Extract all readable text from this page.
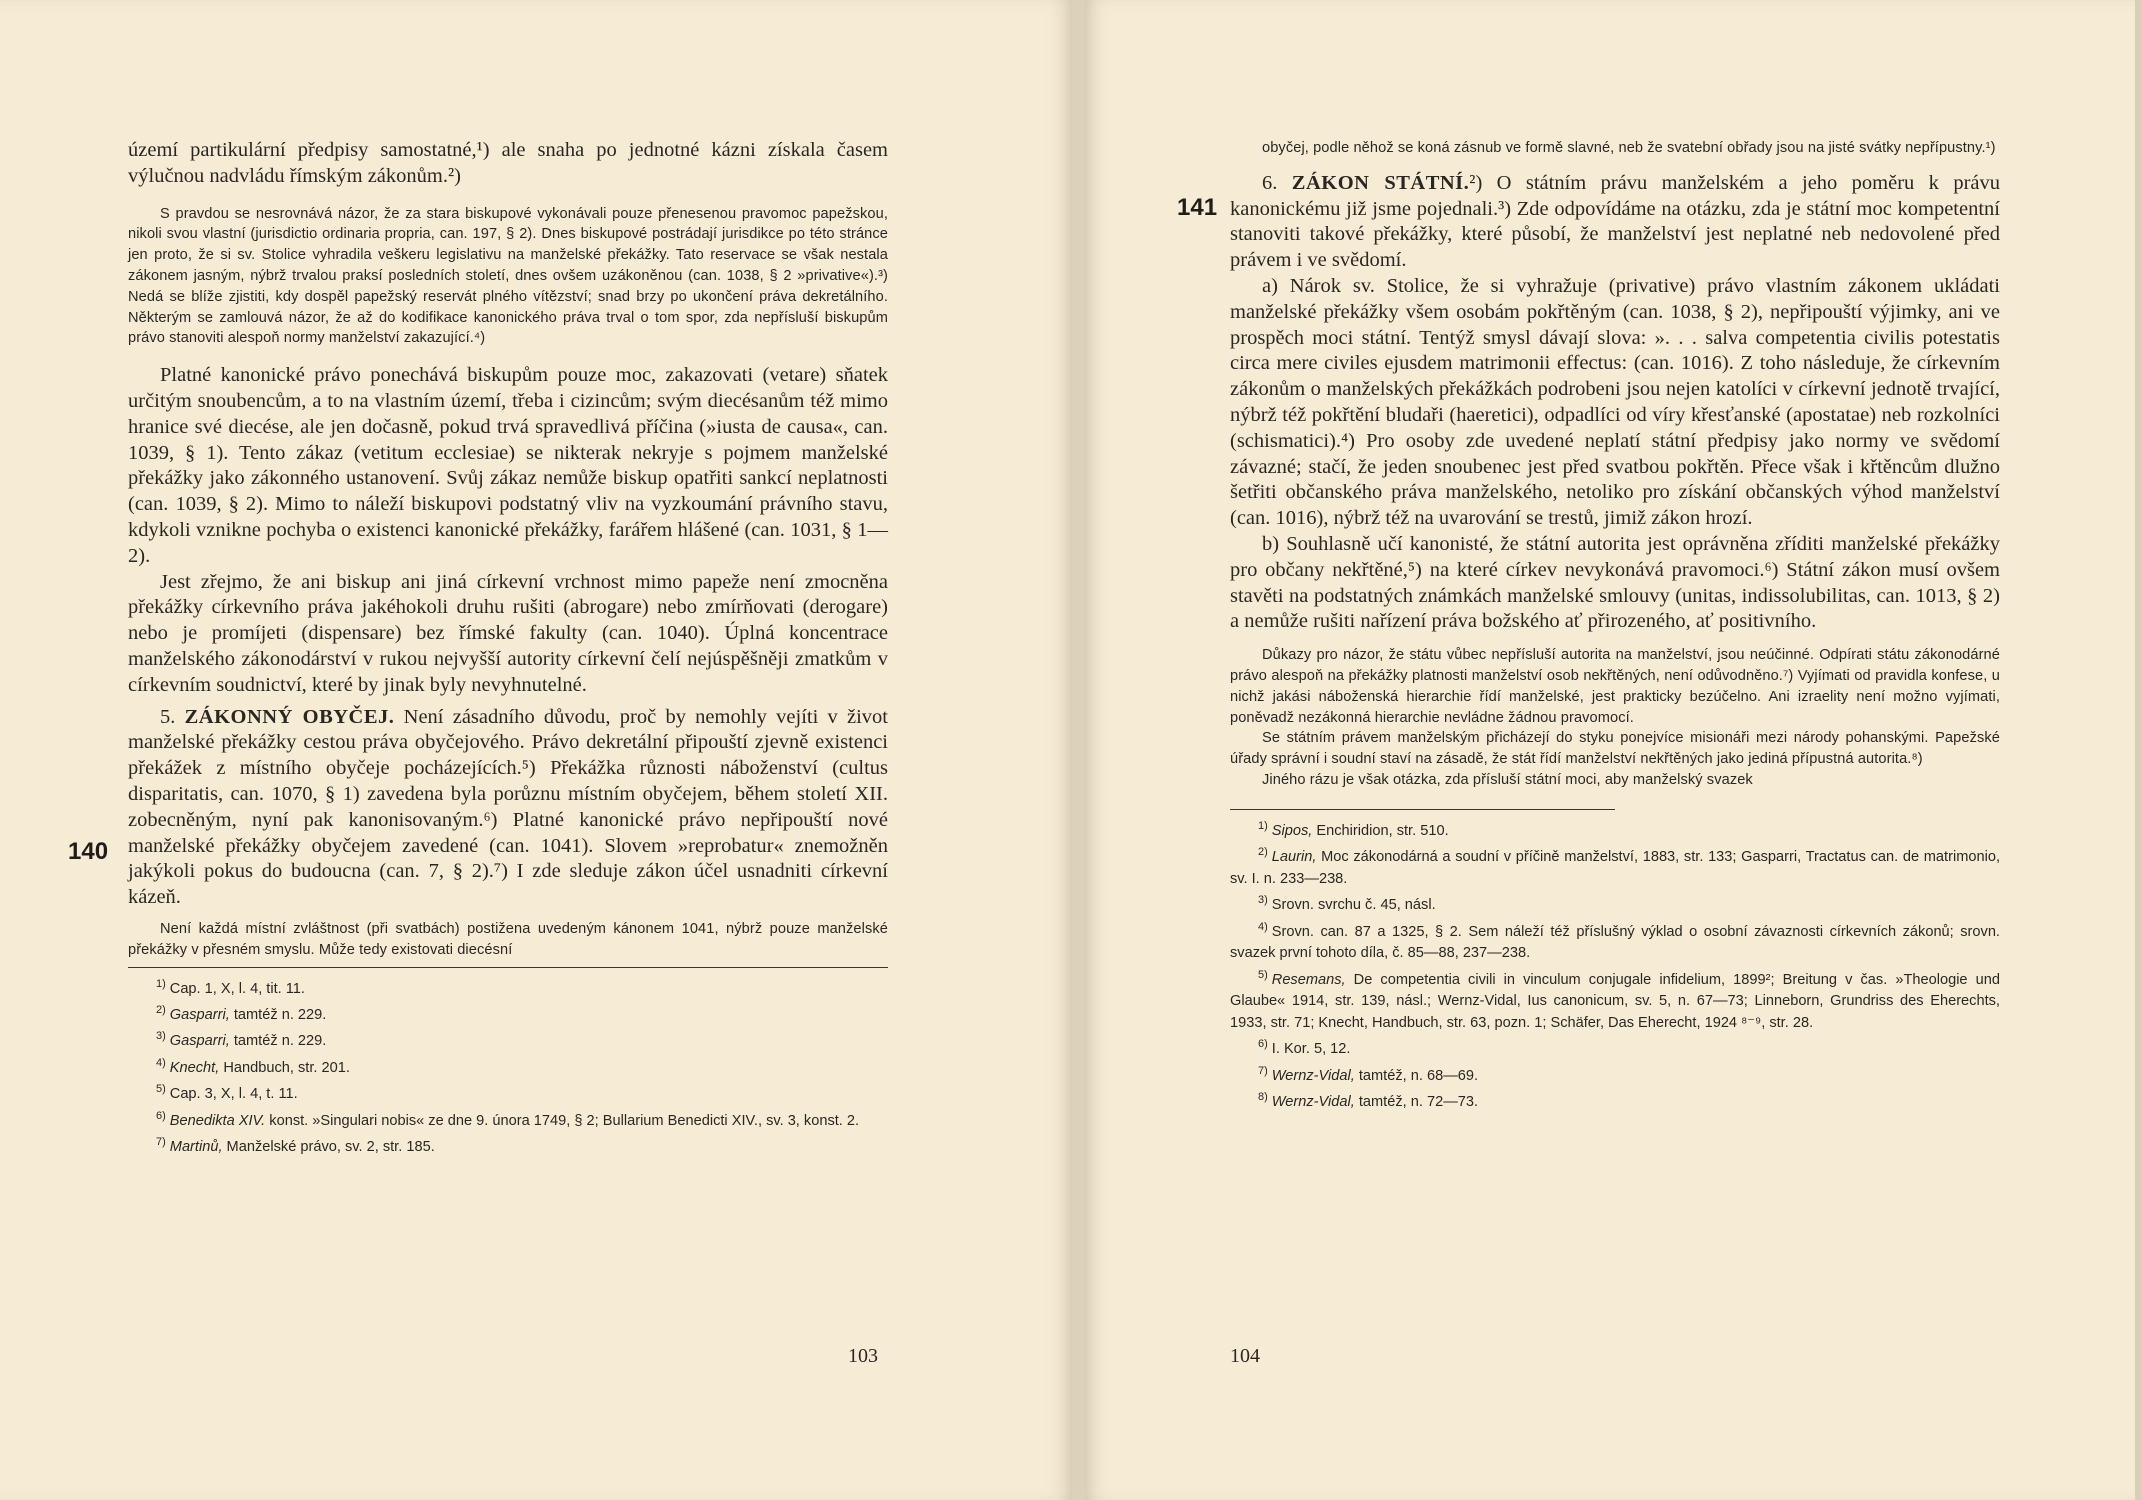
území partikulární předpisy samostatné,¹) ale snaha po jednotné kázni získala časem výlučnou nadvládu římským zákonům.²)

S pravdou se nesrovnává názor, že za stara biskupové vykonávali pouze přenesenou pravomoc papežskou, nikoli svou vlastní (jurisdictio ordinaria propria, can. 197, § 2). Dnes biskupové postrádají jurisdikce po této stránce jen proto, že si sv. Stolice vyhradila veškeru legislativu na manželské překážky. Tato reservace se však nestala zákonem jasným, nýbrž trvalou praksí posledních století, dnes ovšem uzákoněnou (can. 1038, § 2 »privative«).³) Nedá se blíže zjistiti, kdy dospěl papežský reservát plného vítězství; snad brzy po ukončení práva dekretálního. Některým se zamlouvá názor, že až do kodifikace kanonického práva trval o tom spor, zda nepřísluší biskupům právo stanoviti alespoň normy manželství zakazující.⁴)

Platné kanonické právo ponechává biskupům pouze moc, zakazovati (vetare) sňatek určitým snoubencům, a to na vlastním území, třeba i cizincům; svým diecésanům též mimo hranice své diecése, ale jen dočasně, pokud trvá spravedlivá příčina (»iusta de causa«, can. 1039, § 1). Tento zákaz (vetitum ecclesiae) se nikterak nekryje s pojmem manželské překážky jako zákonného ustanovení. Svůj zákaz nemůže biskup opatřiti sankcí neplatnosti (can. 1039, § 2). Mimo to náleží biskupovi podstatný vliv na vyzkoumání právního stavu, kdykoli vznikne pochyba o existenci kanonické překážky, farářem hlášené (can. 1031, § 1—2).

Jest zřejmo, že ani biskup ani jiná církevní vrchnost mimo papeže není zmocněna překážky církevního práva jakéhokoli druhu rušiti (abrogare) nebo zmírňovati (derogare) nebo je promíjeti (dispensare) bez římské fakulty (can. 1040). Úplná koncentrace manželského zákonodárství v rukou nejvyšší autority církevní čelí nejúspěšněji zmatkům v církevním soudnictví, které by jinak byly nevyhnutelné.

5. ZÁKONNÝ OBYČEJ. Není zásadního důvodu, proč by nemohly vejíti v život manželské překážky cestou práva obyčejového. Právo dekretální připouští zjevně existenci překážek z místního obyčeje pocházejících.⁵) Překážka různosti náboženství (cultus disparitatis, can. 1070, § 1) zavedena byla porůznu místním obyčejem, během století XII. zobecněným, nyní pak kanonisovaným.⁶) Platné kanonické právo nepřipouští nové manželské překážky obyčejem zavedené (can. 1041). Slovem »reprobatur« znemožněn jakýkoli pokus do budoucna (can. 7, § 2).⁷) I zde sleduje zákon účel usnadniti církevní kázeň.

Není každá místní zvláštnost (při svatbách) postižena uvedeným kánonem 1041, nýbrž pouze manželské překážky v přesném smyslu. Může tedy existovati diecésní

$^{1)}$ Cap. 1, X, l. 4, tit. 11.
$^{2)}$ Gasparri, tamtéž n. 229.
$^{3)}$ Gasparri, tamtéž n. 229.
$^{4)}$ Knecht, Handbuch, str. 201.
$^{5)}$ Cap. 3, X, l. 4, t. 11.
$^{6)}$ Benedikta XIV. konst. »Singulari nobis« ze dne 9. února 1749, § 2; Bullarium Benedicti XIV., sv. 3, konst. 2.
$^{7)}$ Martinů, Manželské právo, sv. 2, str. 185.
140
103

obyčej, podle něhož se koná zásnub ve formě slavné, neb že svatební obřady jsou na jisté svátky nepřípustny.¹)

6. ZÁKON STÁTNÍ.²) O státním právu manželském a jeho poměru k právu kanonickému již jsme pojednali.³) Zde odpovídáme na otázku, zda je státní moc kompetentní stanoviti takové překážky, které působí, že manželství jest neplatné neb nedovolené před právem i ve svědomí.

a) Nárok sv. Stolice, že si vyhražuje (privative) právo vlastním zákonem ukládati manželské překážky všem osobám pokřtěným (can. 1038, § 2), nepřipouští výjimky, ani ve prospěch moci státní. Tentýž smysl dávají slova: ». . . salva competentia civilis potestatis circa mere civiles ejusdem matrimonii effectus: (can. 1016). Z toho následuje, že církevním zákonům o manželských překážkách podrobeni jsou nejen katolíci v církevní jednotě trvající, nýbrž též pokřtění bludaři (haeretici), odpadlíci od víry křesťanské (apostatae) neb rozkolníci (schismatici).⁴) Pro osoby zde uvedené neplatí státní předpisy jako normy ve svědomí závazné; stačí, že jeden snoubenec jest před svatbou pokřtěn. Přece však i křtěncům dlužno šetřiti občanského práva manželského, netoliko pro získání občanských výhod manželství (can. 1016), nýbrž též na uvarování se trestů, jimiž zákon hrozí.

b) Souhlasně učí kanonisté, že státní autorita jest oprávněna zříditi manželské překážky pro občany nekřtěné,⁵) na které církev nevykonává pravomoci.⁶) Státní zákon musí ovšem stavěti na podstatných známkách manželské smlouvy (unitas, indissolubilitas, can. 1013, § 2) a nemůže rušiti nařízení práva božského ať přirozeného, ať positivního.

Důkazy pro názor, že státu vůbec nepřísluší autorita na manželství, jsou neúčinné. Odpírati státu zákonodárné právo alespoň na překážky platnosti manželství osob nekřtěných, není odůvodněno.⁷) Vyjímati od pravidla konfese, u nichž jakási náboženská hierarchie řídí manželské, jest prakticky bezúčelno. Ani izraelity není možno vyjímati, poněvadž nezákonná hierarchie nevládne žádnou pravomocí.

Se státním právem manželským přicházejí do styku ponejvíce misionáři mezi národy pohanskými. Papežské úřady správní i soudní staví na zásadě, že stát řídí manželství nekřtěných jako jediná přípustná autorita.⁸)

Jiného rázu je však otázka, zda přísluší státní moci, aby manželský svazek

$^{1)}$ Sipos, Enchiridion, str. 510.
$^{2)}$ Laurin, Moc zákonodárná a soudní v příčině manželství, 1883, str. 133; Gasparri, Tractatus can. de matrimonio, sv. I. n. 233—238.
$^{3)}$ Srovn. svrchu č. 45, násl.
$^{4)}$ Srovn. can. 87 a 1325, § 2. Sem náleží též příslušný výklad o osobní závaznosti církevních zákonů; srovn. svazek první tohoto díla, č. 85—88, 237—238.
$^{5)}$ Resemans, De competentia civili in vinculum conjugale infidelium, 1899²; Breitung v čas. »Theologie und Glaube« 1914, str. 139, násl.; Wernz-Vidal, Ius canonicum, sv. 5, n. 67—73; Linneborn, Grundriss des Eherechts, 1933, str. 71; Knecht, Handbuch, str. 63, pozn. 1; Schäfer, Das Eherecht, 1924 ⁸⁻⁹, str. 28.
$^{6)}$ I. Kor. 5, 12.
$^{7)}$ Wernz-Vidal, tamtéž, n. 68—69.
$^{8)}$ Wernz-Vidal, tamtéž, n. 72—73.
141
104
